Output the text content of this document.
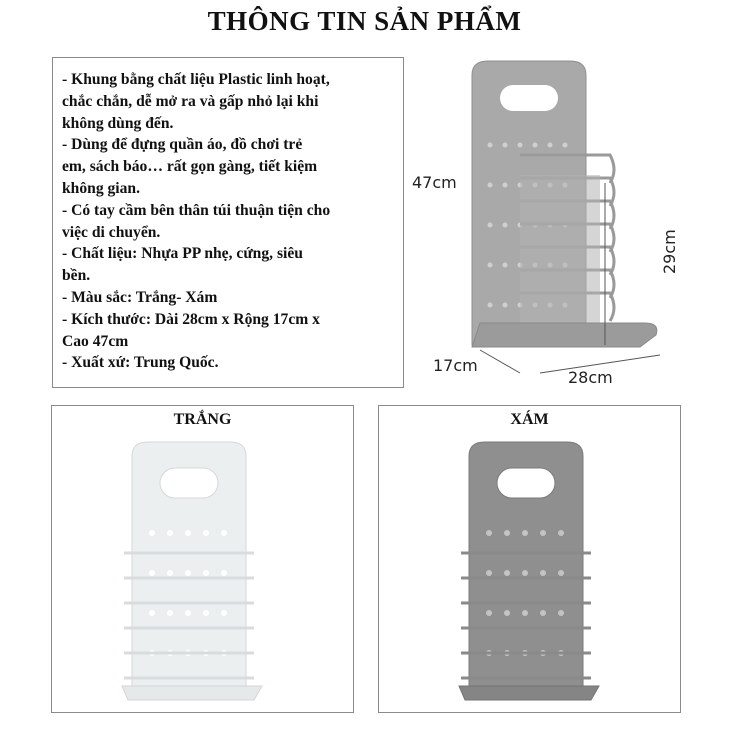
THÔNG TIN SẢN PHẨM

- Khung bằng chất liệu Plastic linh hoạt,

chắc chắn, dễ mở ra và gấp nhỏ lại khi

không dùng đến.

- Dùng để đựng quần áo, đồ chơi trẻ

em, sách báo… rất gọn gàng, tiết kiệm

không gian.

- Có tay cầm bên thân túi thuận tiện cho

việc di chuyển.

- Chất liệu: Nhựa PP nhẹ, cứng, siêu

bền.

- Màu sắc: Trắng- Xám

- Kích thước: Dài 28cm x Rộng 17cm x

Cao 47cm

- Xuất xứ: Trung Quốc.

47cm
29cm
17cm
28cm
TRẮNG	XÁM
